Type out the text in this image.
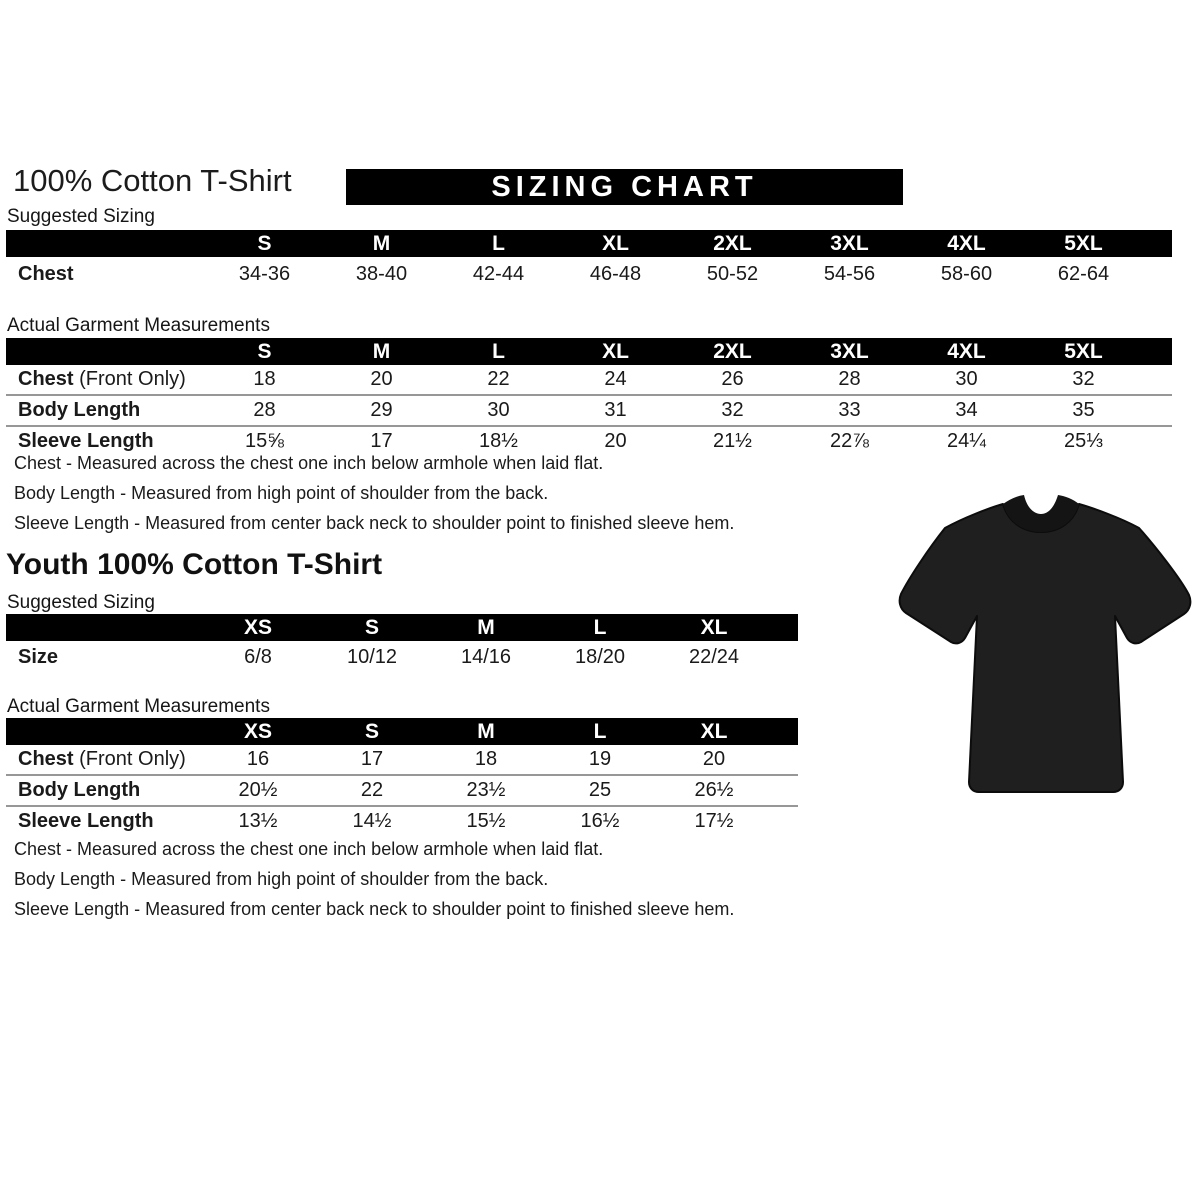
100% Cotton T-Shirt	SIZING CHART
Suggested Sizing
	S	M	L	XL	2XL	3XL	4XL	5XL	
Chest	34-36	38-40	42-44	46-48	50-52	54-56	58-60	62-64	
Actual Garment Measurements
	S	M	L	XL	2XL	3XL	4XL	5XL	
Chest (Front Only)	18	20	22	24	26	28	30	32	
Body Length	28	29	30	31	32	33	34	35	
Sleeve Length	15⅝	17	18½	20	21½	22⅞	24¼	25⅓	

Chest - Measured across the chest one inch below armhole when laid flat.

Body Length - Measured from high point of shoulder from the back.

Sleeve Length - Measured from center back neck to shoulder point to finished sleeve hem.

Youth 100% Cotton T-Shirt
Suggested Sizing
	XS	S	M	L	XL	
Size	6/8	10/12	14/16	18/20	22/24	
Actual Garment Measurements
	XS	S	M	L	XL	
Chest (Front Only)	16	17	18	19	20	
Body Length	20½	22	23½	25	26½	
Sleeve Length	13½	14½	15½	16½	17½	

Chest - Measured across the chest one inch below armhole when laid flat.

Body Length - Measured from high point of shoulder from the back.

Sleeve Length - Measured from center back neck to shoulder point to finished sleeve hem.
